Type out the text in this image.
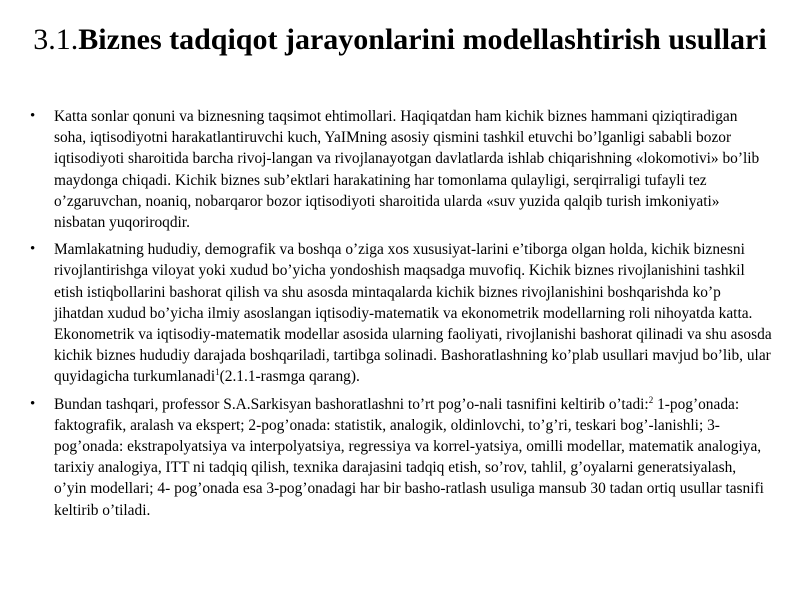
3.1.Biznes tadqiqot jarayonlarini modellashtirish usullari
• Katta sonlar qonuni va biznesning taqsimot ehtimollari. Haqiqatdan ham kichik biznes hammani qiziqtiradigan soha, iqtisodiyotni harakatlantiruvchi kuch, YaIMning asosiy qismini tashkil etuvchi bo’lganligi sababli bozor iqtisodiyoti sharoitida barcha rivoj-langan va rivojlanayotgan davlatlarda ishlab chiqarishning «lokomotivi» bo’lib maydonga chiqadi. Kichik biznes sub’ektlari harakatining har tomonlama qulayligi, serqirraligi tufayli tez o’zgaruvchan, noaniq, nobarqaror bozor iqtisodiyoti sharoitida ularda «suv yuzida qalqib turish imkoniyati» nisbatan yuqoriroqdir.
• Mamlakatning hududiy, demografik va boshqa o’ziga xos xususiyat-larini e’tiborga olgan holda, kichik biznesni rivojlantirishga viloyat yoki xudud bo’yicha yondoshish maqsadga muvofiq. Kichik biznes rivojlanishini tashkil etish istiqbollarini bashorat qilish va shu asosda mintaqalarda kichik biznes rivojlanishini boshqarishda ko’p jihatdan xudud bo’yicha ilmiy asoslangan iqtisodiy-matematik va ekonometrik modellarning roli nihoyatda katta. Ekonometrik va iqtisodiy-matematik modellar asosida ularning faoliyati, rivojlanishi bashorat qilinadi va shu asosda kichik biznes hududiy darajada boshqariladi, tartibga solinadi. Bashoratlashning ko’plab usullari mavjud bo’lib, ular quyidagicha turkumlanadi$^1$(2.1.1-rasmga qarang).
• Bundan tashqari, professor S.A.Sarkisyan bashoratlashni to’rt pog’o-nali tasnifini keltirib o’tadi:$^2$ 1-pog’onada: faktografik, aralash va ekspert; 2-pog’onada: statistik, analogik, oldinlovchi, to’g’ri, teskari bog’-lanishli; 3-pog’onada: ekstrapolyatsiya va interpolyatsiya, regressiya va korrel-yatsiya, omilli modellar, matematik analogiya, tarixiy analogiya, ITT ni tadqiq qilish, texnika darajasini tadqiq etish, so’rov, tahlil, g’oyalarni generatsiyalash, o’yin modellari; 4- pog’onada esa 3-pog’onadagi har bir basho-ratlash usuliga mansub 30 tadan ortiq usullar tasnifi keltirib o’tiladi.
